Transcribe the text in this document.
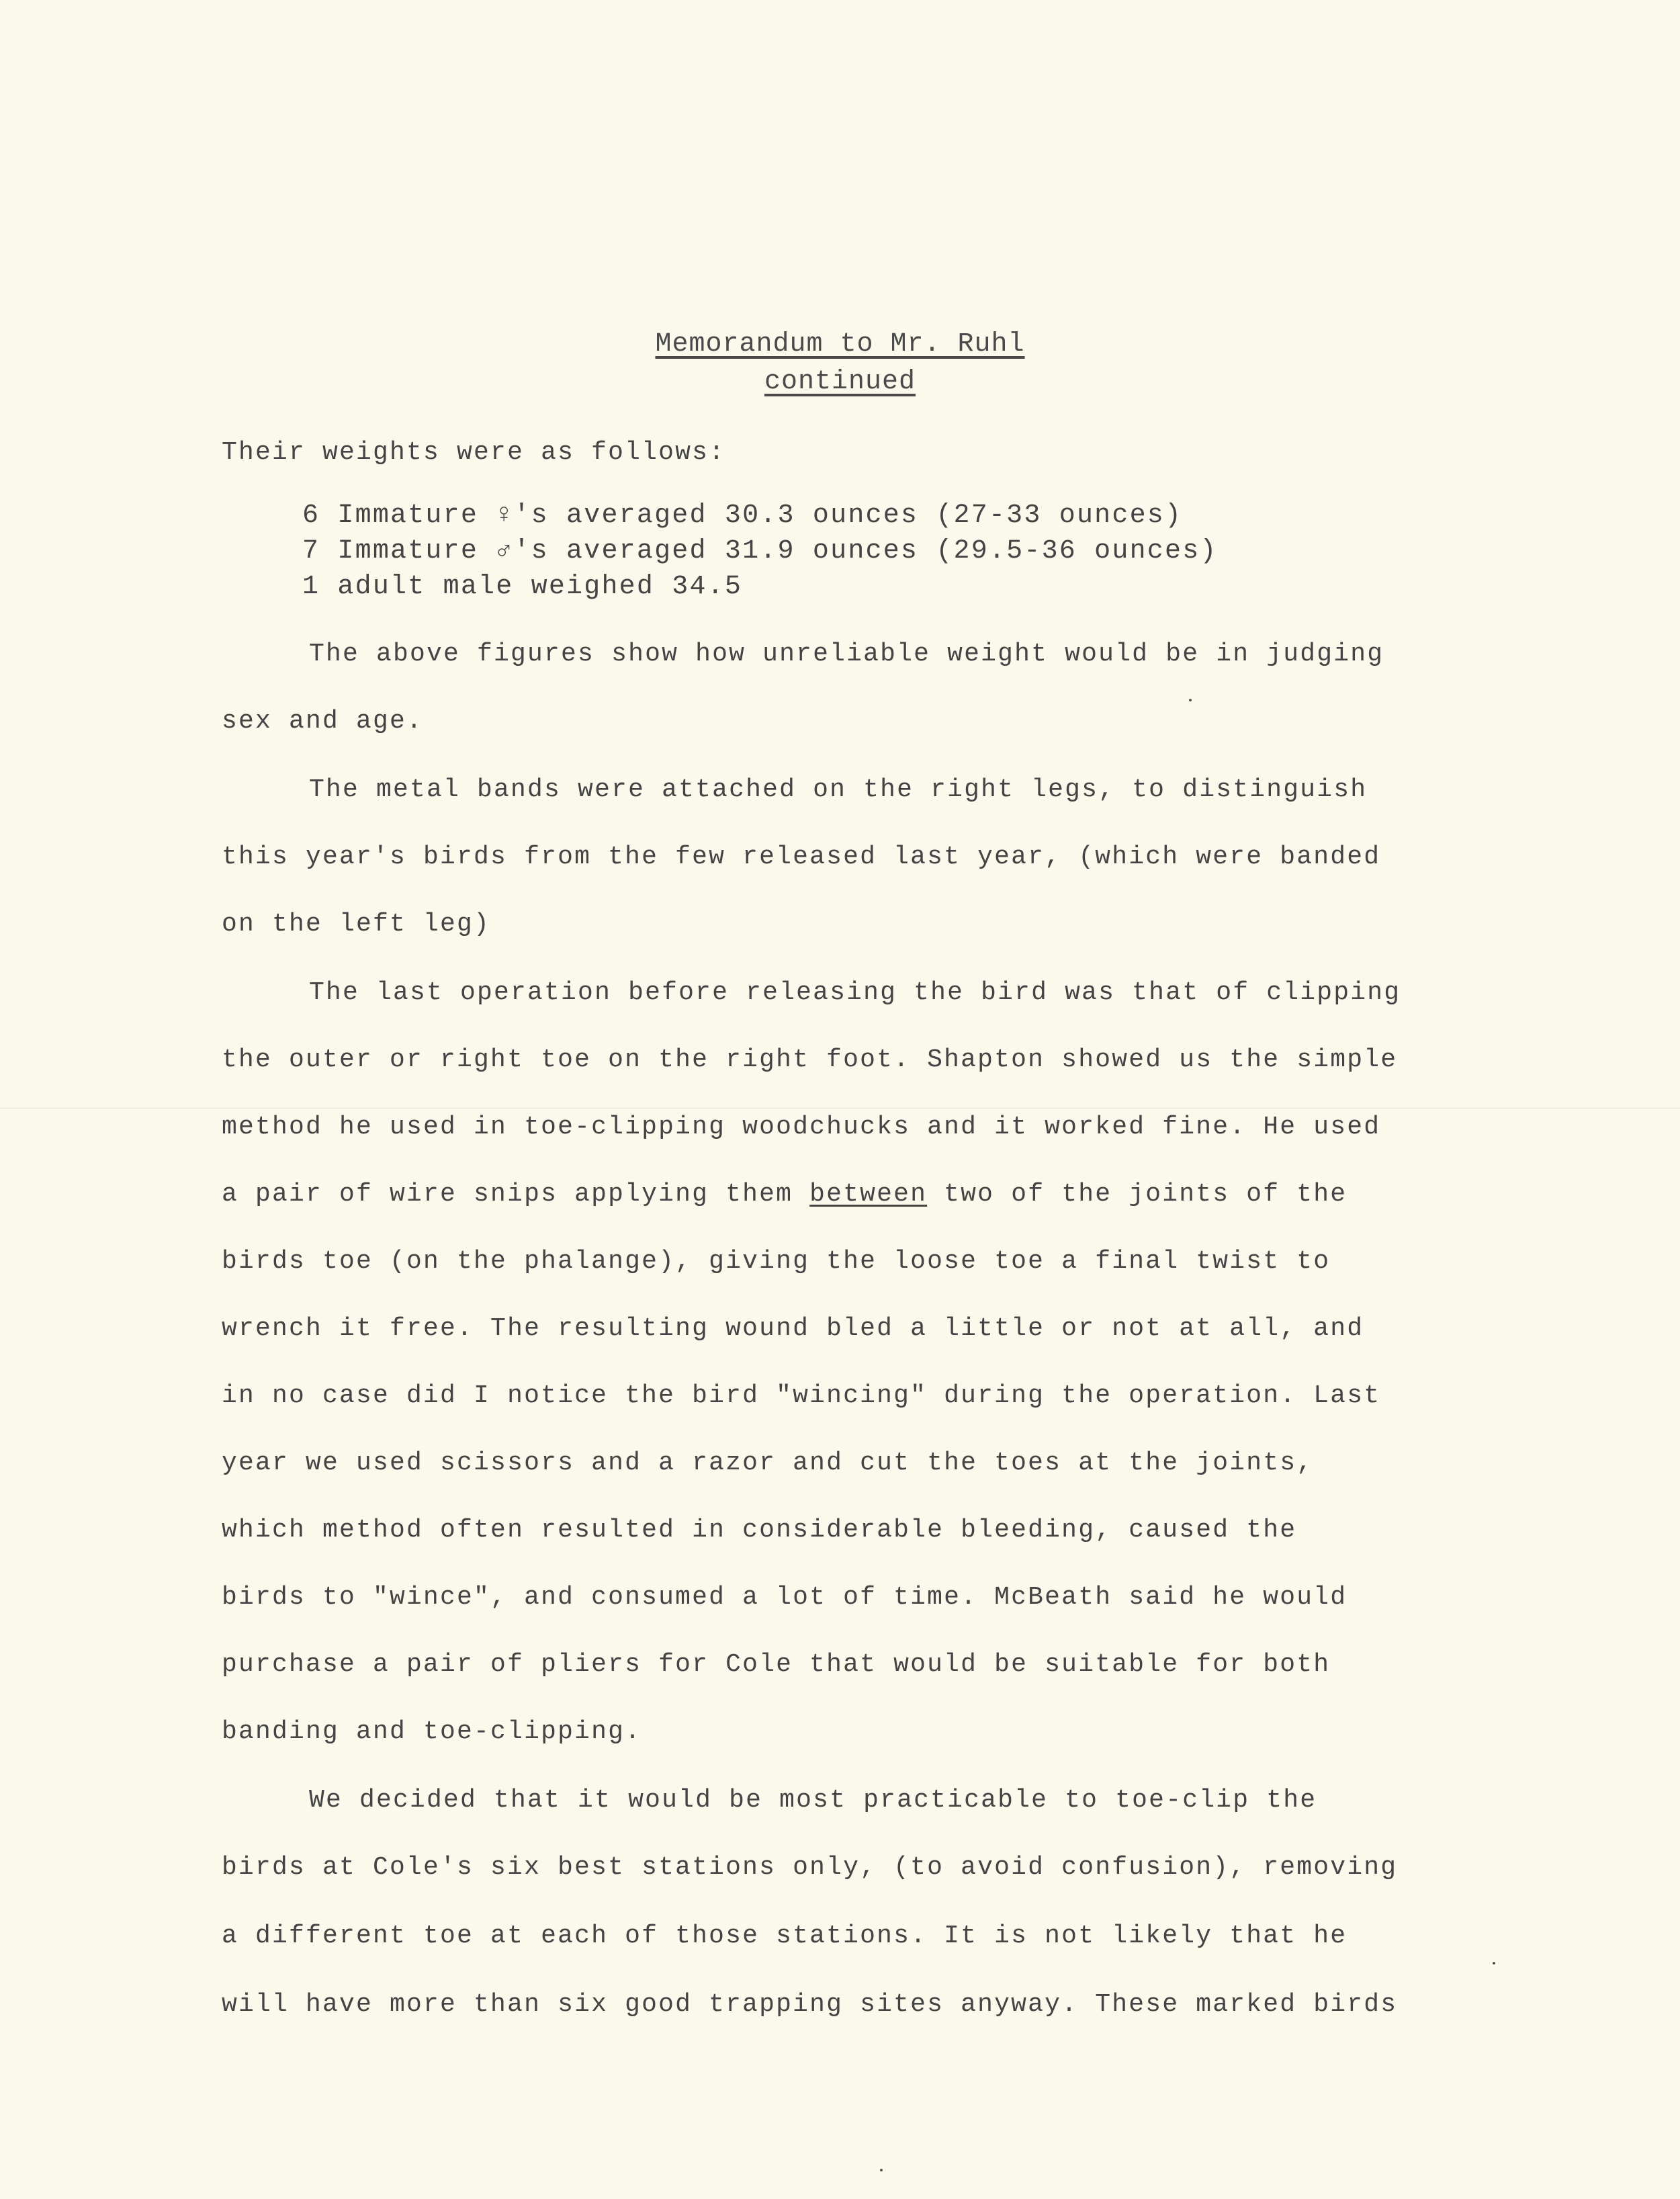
Memorandum to Mr. Ruhl
continued
Their weights were as follows:
6 Immature ♀'s averaged 30.3 ounces (27-33 ounces)
7 Immature ♂'s averaged 31.9 ounces (29.5-36 ounces)
1 adult male weighed 34.5
The above figures show how unreliable weight would be in judging
sex and age.
The metal bands were attached on the right legs, to distinguish
this year's birds from the few released last year, (which were banded
on the left leg)
The last operation before releasing the bird was that of clipping
the outer or right toe on the right foot. Shapton showed us the simple
method he used in toe-clipping woodchucks and it worked fine. He used
a pair of wire snips applying them between two of the joints of the
birds toe (on the phalange), giving the loose toe a final twist to
wrench it free. The resulting wound bled a little or not at all, and
in no case did I notice the bird "wincing" during the operation. Last
year we used scissors and a razor and cut the toes at the joints,
which method often resulted in considerable bleeding, caused the
birds to "wince", and consumed a lot of time. McBeath said he would
purchase a pair of pliers for Cole that would be suitable for both
banding and toe-clipping.
We decided that it would be most practicable to toe-clip the
birds at Cole's six best stations only, (to avoid confusion), removing
a different toe at each of those stations. It is not likely that he
will have more than six good trapping sites anyway. These marked birds
